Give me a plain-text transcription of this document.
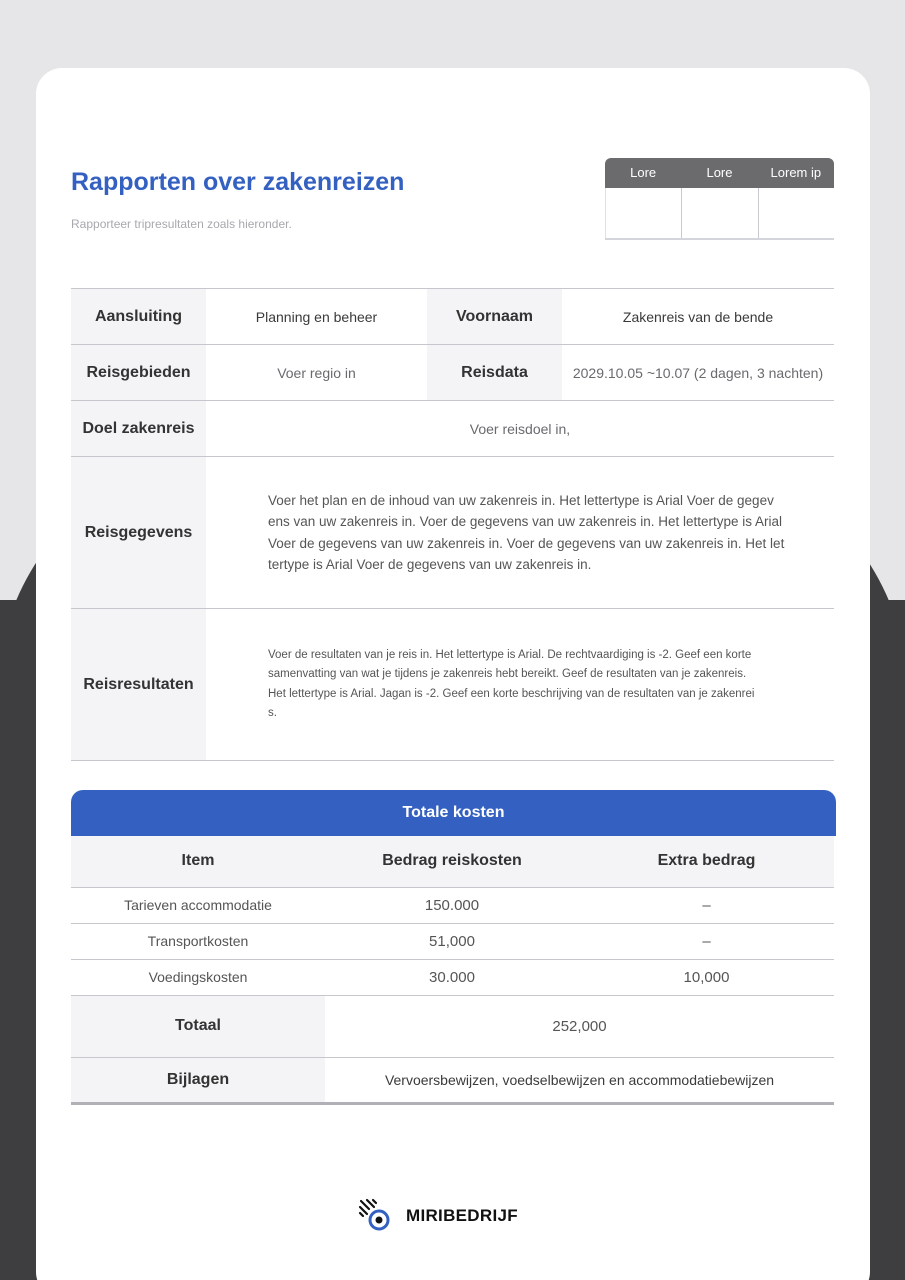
Rapporten over zakenreizen
Rapporteer tripresultaten zoals hieronder.
Lore	Lore	Lorem ip
Aansluiting	Planning en beheer	Voornaam	Zakenreis van de bende
Reisgebieden	Voer regio in	Reisdata	2029.10.05 ~10.07 (2 dagen, 3 nachten)
Doel zakenreis	Voer reisdoel in,		
Reisgegevens	Voer het plan en de inhoud van uw zakenreis in. Het lettertype is Arial Voer de gegev
ens van uw zakenreis in. Voer de gegevens van uw zakenreis in. Het lettertype is Arial
Voer de gegevens van uw zakenreis in. Voer de gegevens van uw zakenreis in. Het let
tertype is Arial Voer de gegevens van uw zakenreis in.		

Reisresultaten	Voer de resultaten van je reis in. Het lettertype is Arial. De rechtvaardiging is -2. Geef een korte
samenvatting van wat je tijdens je zakenreis hebt bereikt. Geef de resultaten van je zakenreis.
Het lettertype is Arial. Jagan is -2. Geef een korte beschrijving van de resultaten van je zakenrei
s.		
Totale kosten
Item	Bedrag reiskosten	Extra bedrag
Tarieven accommodatie	150.000	–
Transportkosten	51,000	–
Voedingskosten	30.000	10,000
Totaal	252,000	
Bijlagen	Vervoersbewijzen, voedselbewijzen en accommodatiebewijzen	
MIRIBEDRIJF
